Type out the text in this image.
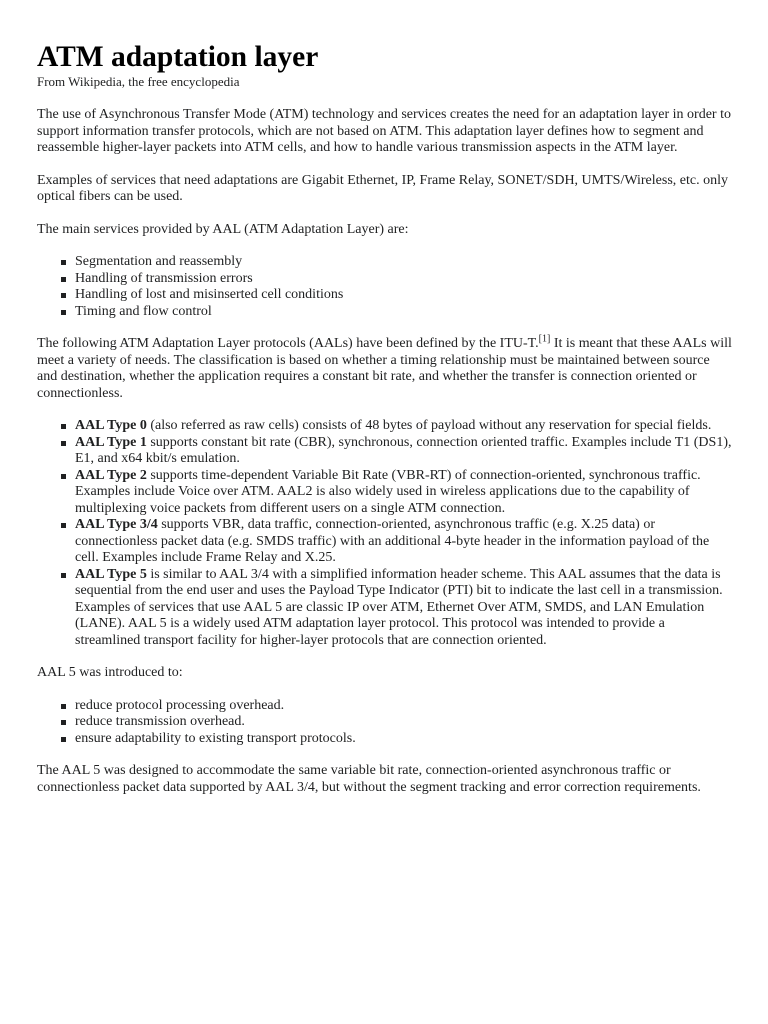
ATM adaptation layer
From Wikipedia, the free encyclopedia

The use of Asynchronous Transfer Mode (ATM) technology and services creates the need for an adaptation layer in order to support information transfer protocols, which are not based on ATM. This adaptation layer defines how to segment and reassemble higher-layer packets into ATM cells, and how to handle various transmission aspects in the ATM layer.

Examples of services that need adaptations are Gigabit Ethernet, IP, Frame Relay, SONET/SDH, UMTS/Wireless, etc. only optical fibers can be used.

The main services provided by AAL (ATM Adaptation Layer) are:

Segmentation and reassembly
Handling of transmission errors
Handling of lost and misinserted cell conditions
Timing and flow control

The following ATM Adaptation Layer protocols (AALs) have been defined by the ITU-T.[1] It is meant that these AALs will meet a variety of needs. The classification is based on whether a timing relationship must be maintained between source and destination, whether the application requires a constant bit rate, and whether the transfer is connection oriented or connectionless.

AAL Type 0 (also referred as raw cells) consists of 48 bytes of payload without any reservation for special fields.
AAL Type 1 supports constant bit rate (CBR), synchronous, connection oriented traffic. Examples include T1 (DS1), E1, and x64 kbit/s emulation.
AAL Type 2 supports time-dependent Variable Bit Rate (VBR-RT) of connection-oriented, synchronous traffic. Examples include Voice over ATM. AAL2 is also widely used in wireless applications due to the capability of multiplexing voice packets from different users on a single ATM connection.
AAL Type 3/4 supports VBR, data traffic, connection-oriented, asynchronous traffic (e.g. X.25 data) or connectionless packet data (e.g. SMDS traffic) with an additional 4-byte header in the information payload of the cell. Examples include Frame Relay and X.25.
AAL Type 5 is similar to AAL 3/4 with a simplified information header scheme. This AAL assumes that the data is sequential from the end user and uses the Payload Type Indicator (PTI) bit to indicate the last cell in a transmission. Examples of services that use AAL 5 are classic IP over ATM, Ethernet Over ATM, SMDS, and LAN Emulation (LANE). AAL 5 is a widely used ATM adaptation layer protocol. This protocol was intended to provide a streamlined transport facility for higher-layer protocols that are connection oriented.

AAL 5 was introduced to:

reduce protocol processing overhead.
reduce transmission overhead.
ensure adaptability to existing transport protocols.

The AAL 5 was designed to accommodate the same variable bit rate, connection-oriented asynchronous traffic or connectionless packet data supported by AAL 3/4, but without the segment tracking and error correction requirements.
